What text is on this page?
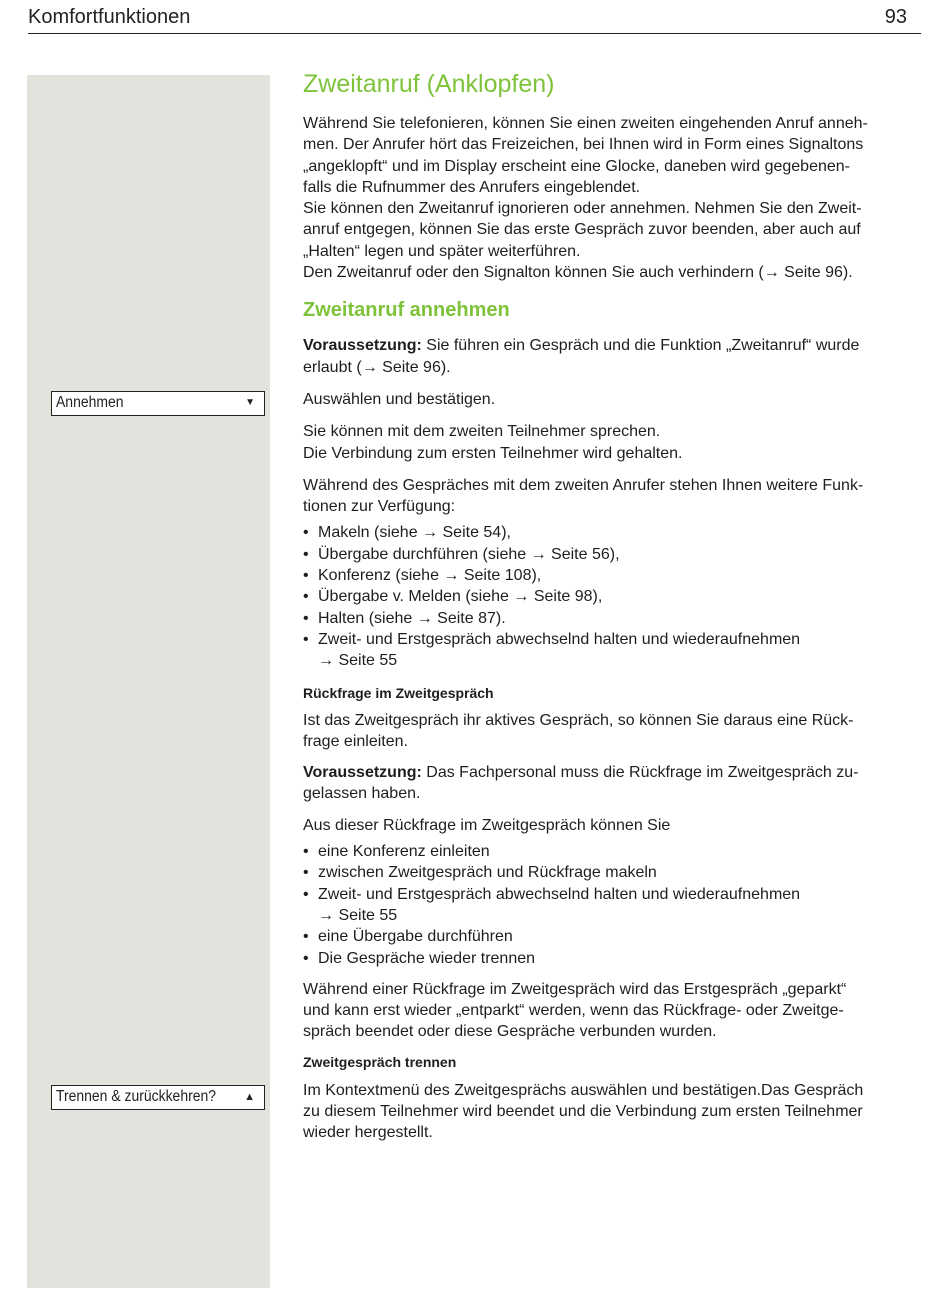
Komfortfunktionen	93
Annehmen	▼
Trennen & zurückkehren?	▲
Zweitanruf (Anklopfen)

Während Sie telefonieren, können Sie einen zweiten eingehenden Anruf anneh-

men. Der Anrufer hört das Freizeichen, bei Ihnen wird in Form eines Signaltons

„angeklopft“ und im Display erscheint eine Glocke, daneben wird gegebenen-

falls die Rufnummer des Anrufers eingeblendet.

Sie können den Zweitanruf ignorieren oder annehmen. Nehmen Sie den Zweit-

anruf entgegen, können Sie das erste Gespräch zuvor beenden, aber auch auf

„Halten“ legen und später weiterführen.

Den Zweitanruf oder den Signalton können Sie auch verhindern (→ Seite 96).

Zweitanruf annehmen

Voraussetzung: Sie führen ein Gespräch und die Funktion „Zweitanruf“ wurde

erlaubt (→ Seite 96).

Auswählen und bestätigen.

Sie können mit dem zweiten Teilnehmer sprechen.

Die Verbindung zum ersten Teilnehmer wird gehalten.

Während des Gespräches mit dem zweiten Anrufer stehen Ihnen weitere Funk-

tionen zur Verfügung:

• Makeln (siehe → Seite 54),
• Übergabe durchführen (siehe → Seite 56),
• Konferenz (siehe → Seite 108),
• Übergabe v. Melden (siehe → Seite 98),
• Halten (siehe → Seite 87).
• Zweit- und Erstgespräch abwechselnd halten und wiederaufnehmen
→ Seite 55
Rückfrage im Zweitgespräch

Ist das Zweitgespräch ihr aktives Gespräch, so können Sie daraus eine Rück-

frage einleiten.

Voraussetzung: Das Fachpersonal muss die Rückfrage im Zweitgespräch zu-

gelassen haben.

Aus dieser Rückfrage im Zweitgespräch können Sie

• eine Konferenz einleiten
• zwischen Zweitgespräch und Rückfrage makeln
• Zweit- und Erstgespräch abwechselnd halten und wiederaufnehmen
→ Seite 55
• eine Übergabe durchführen
• Die Gespräche wieder trennen

Während einer Rückfrage im Zweitgespräch wird das Erstgespräch „geparkt“

und kann erst wieder „entparkt“ werden, wenn das Rückfrage- oder Zweitge-

spräch beendet oder diese Gespräche verbunden wurden.

Zweitgespräch trennen

Im Kontextmenü des Zweitgesprächs auswählen und bestätigen.Das Gespräch

zu diesem Teilnehmer wird beendet und die Verbindung zum ersten Teilnehmer

wieder hergestellt.
